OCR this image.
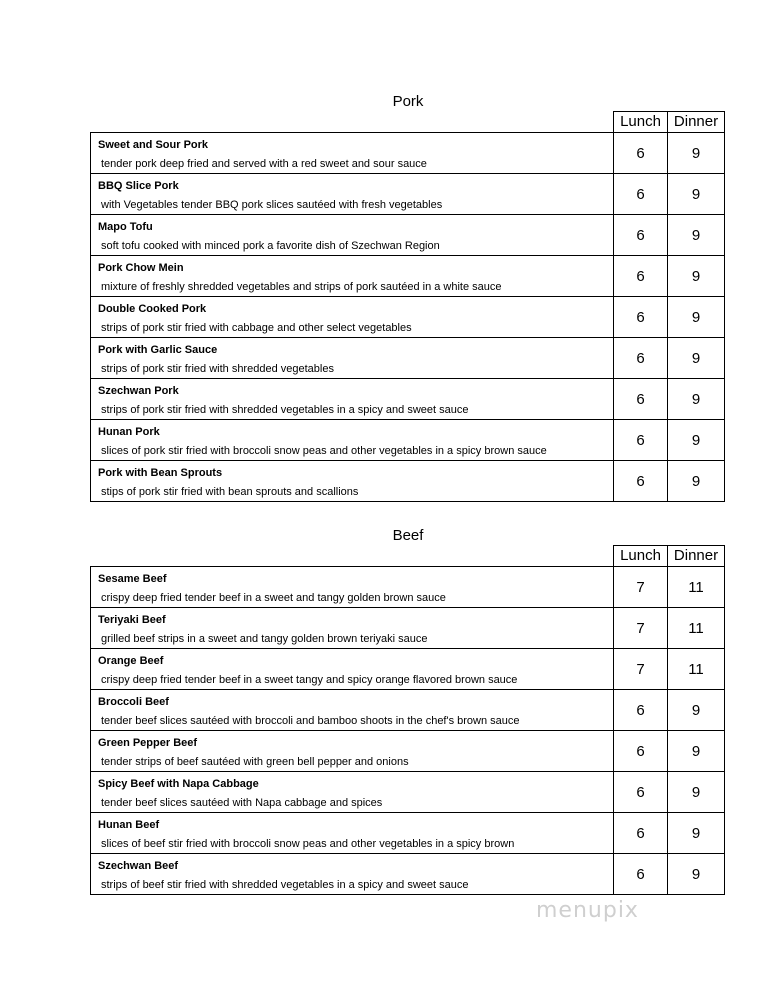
Pork
	Lunch	Dinner

Sweet and Sour Pork
tender pork deep fried and served with a red sweet and sour sauce	6	9

BBQ Slice Pork
with Vegetables tender BBQ pork slices sautéed with fresh vegetables	6	9

Mapo Tofu
soft tofu cooked with minced pork a favorite dish of Szechwan Region	6	9

Pork Chow Mein
mixture of freshly shredded vegetables and strips of pork sautéed in a white sauce	6	9

Double Cooked Pork
strips of pork stir fried with cabbage and other select vegetables	6	9

Pork with Garlic Sauce
strips of pork stir fried with shredded vegetables	6	9

Szechwan Pork
strips of pork stir fried with shredded vegetables in a spicy and sweet sauce	6	9

Hunan Pork
slices of pork stir fried with broccoli snow peas and other vegetables in a spicy brown sauce	6	9

Pork with Bean Sprouts
stips of pork stir fried with bean sprouts and scallions	6	9
Beef
	Lunch	Dinner

Sesame Beef
crispy deep fried tender beef in a sweet and tangy golden brown sauce	7	11

Teriyaki Beef
grilled beef strips in a sweet and tangy golden brown teriyaki sauce	7	11

Orange Beef
crispy deep fried tender beef in a sweet tangy and spicy orange flavored brown sauce	7	11

Broccoli Beef
tender beef slices sautéed with broccoli and bamboo shoots in the chef's brown sauce	6	9

Green Pepper Beef
tender strips of beef sautéed with green bell pepper and onions	6	9

Spicy Beef with Napa Cabbage
tender beef slices sautéed with Napa cabbage and spices	6	9

Hunan Beef
slices of beef stir fried with broccoli snow peas and other vegetables in a spicy brown	6	9

Szechwan Beef
strips of beef stir fried with shredded vegetables in a spicy and sweet sauce	6	9
menupix
